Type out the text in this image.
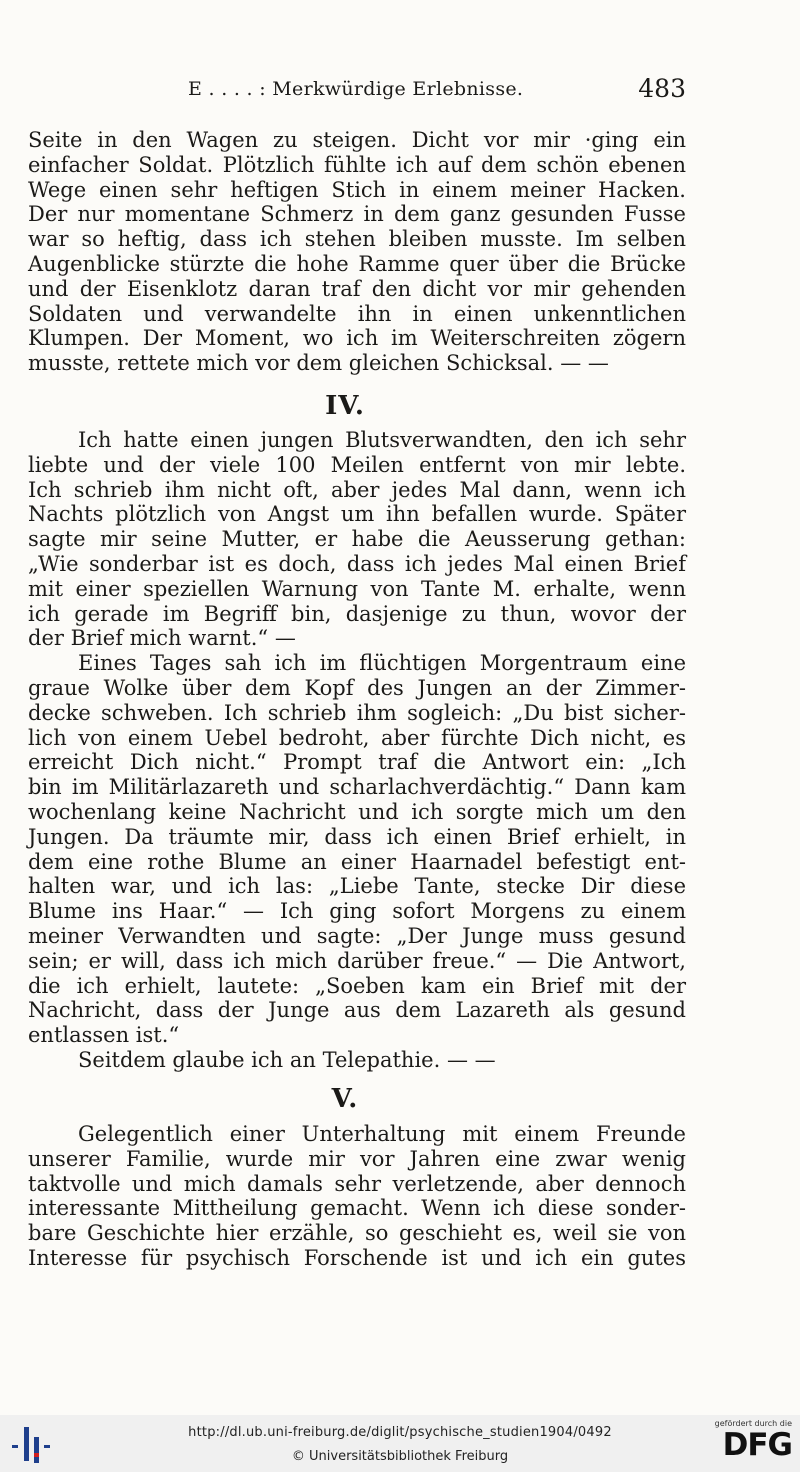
E . . . . : Merkwürdige Erlebnisse.	483
Seite in den Wagen zu steigen. Dicht vor mir ·ging ein
einfacher Soldat. Plötzlich fühlte ich auf dem schön ebenen
Wege einen sehr heftigen Stich in einem meiner Hacken.
Der nur momentane Schmerz in dem ganz gesunden Fusse
war so heftig, dass ich stehen bleiben musste. Im selben
Augenblicke stürzte die hohe Ramme quer über die Brücke
und der Eisenklotz daran traf den dicht vor mir gehenden
Soldaten und verwandelte ihn in einen unkenntlichen
Klumpen. Der Moment, wo ich im Weiterschreiten zögern
musste, rettete mich vor dem gleichen Schicksal. — —
IV.
Ich hatte einen jungen Blutsverwandten, den ich sehr
liebte und der viele 100 Meilen entfernt von mir lebte.
Ich schrieb ihm nicht oft, aber jedes Mal dann, wenn ich
Nachts plötzlich von Angst um ihn befallen wurde. Später
sagte mir seine Mutter, er habe die Aeusserung gethan:
„Wie sonderbar ist es doch, dass ich jedes Mal einen Brief
mit einer speziellen Warnung von Tante M. erhalte, wenn
ich gerade im Begriff bin, dasjenige zu thun, wovor der
der Brief mich warnt.“ —
Eines Tages sah ich im flüchtigen Morgentraum eine
graue Wolke über dem Kopf des Jungen an der Zimmer-
decke schweben. Ich schrieb ihm sogleich: „Du bist sicher-
lich von einem Uebel bedroht, aber fürchte Dich nicht, es
erreicht Dich nicht.“ Prompt traf die Antwort ein: „Ich
bin im Militärlazareth und scharlachverdächtig.“ Dann kam
wochenlang keine Nachricht und ich sorgte mich um den
Jungen. Da träumte mir, dass ich einen Brief erhielt, in
dem eine rothe Blume an einer Haarnadel befestigt ent-
halten war, und ich las: „Liebe Tante, stecke Dir diese
Blume ins Haar.“ — Ich ging sofort Morgens zu einem
meiner Verwandten und sagte: „Der Junge muss gesund
sein; er will, dass ich mich darüber freue.“ — Die Antwort,
die ich erhielt, lautete: „Soeben kam ein Brief mit der
Nachricht, dass der Junge aus dem Lazareth als gesund
entlassen ist.“
Seitdem glaube ich an Telepathie. — —
V.
Gelegentlich einer Unterhaltung mit einem Freunde
unserer Familie, wurde mir vor Jahren eine zwar wenig
taktvolle und mich damals sehr verletzende, aber dennoch
interessante Mittheilung gemacht. Wenn ich diese sonder-
bare Geschichte hier erzähle, so geschieht es, weil sie von
Interesse für psychisch Forschende ist und ich ein gutes
http://dl.ub.uni-freiburg.de/diglit/psychische_studien1904/0492
© Universitätsbibliothek Freiburg
gefördert durch die
DFG
